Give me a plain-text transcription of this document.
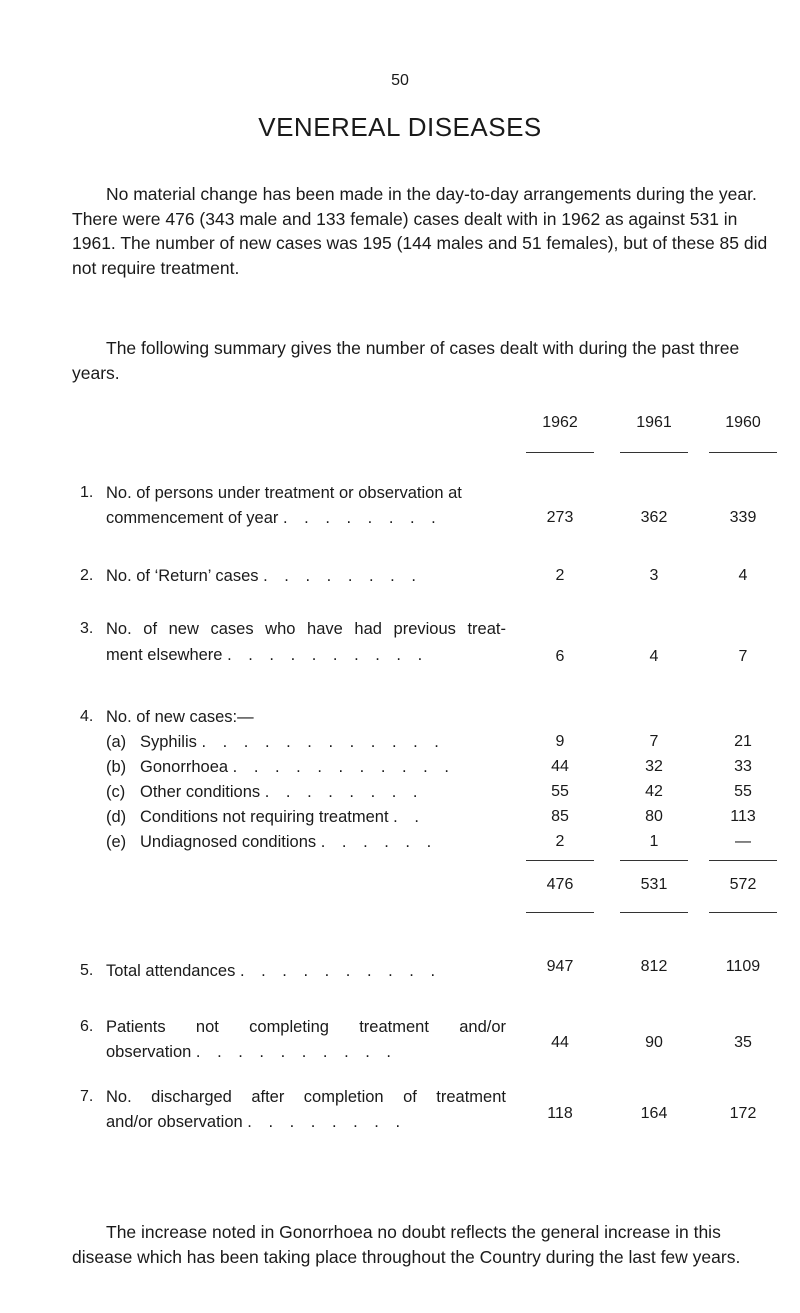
50
VENEREAL DISEASES

No material change has been made in the day-to-day arrangements during the year. There were 476 (343 male and 133 female) cases dealt with in 1962 as against 531 in 1961. The number of new cases was 195 (144 males and 51 females), but of these 85 did not require treatment.

The following summary gives the number of cases dealt with during the past three years.

1962	1961	1960
1. No. of persons under treatment or observation at
commencement of year . . . . . . . .	273	362	339
2. No. of ‘Return’ cases . . . . . . . .	2	3	4
3. No. of new cases who have had previous treat-
ment elsewhere . . . . . . . . . .	6	4	7
4. No. of new cases:—
(a) Syphilis . . . . . . . . . . . .	9	7	21
(b) Gonorrhoea . . . . . . . . . . .	44	32	33
(c) Other conditions . . . . . . . .	55	42	55
(d) Conditions not requiring treatment . .	85	80	113
(e) Undiagnosed conditions . . . . . .	2	1	—
476	531	572
5. Total attendances . . . . . . . . . .	947	812	1109
6. Patients not completing treatment and/or
observation . . . . . . . . . .
44	90	35
7. No. discharged after completion of treatment
and/or observation . . . . . . . .	118	164	172

The increase noted in Gonorrhoea no doubt reflects the general increase in this disease which has been taking place throughout the Country during the last few years.
